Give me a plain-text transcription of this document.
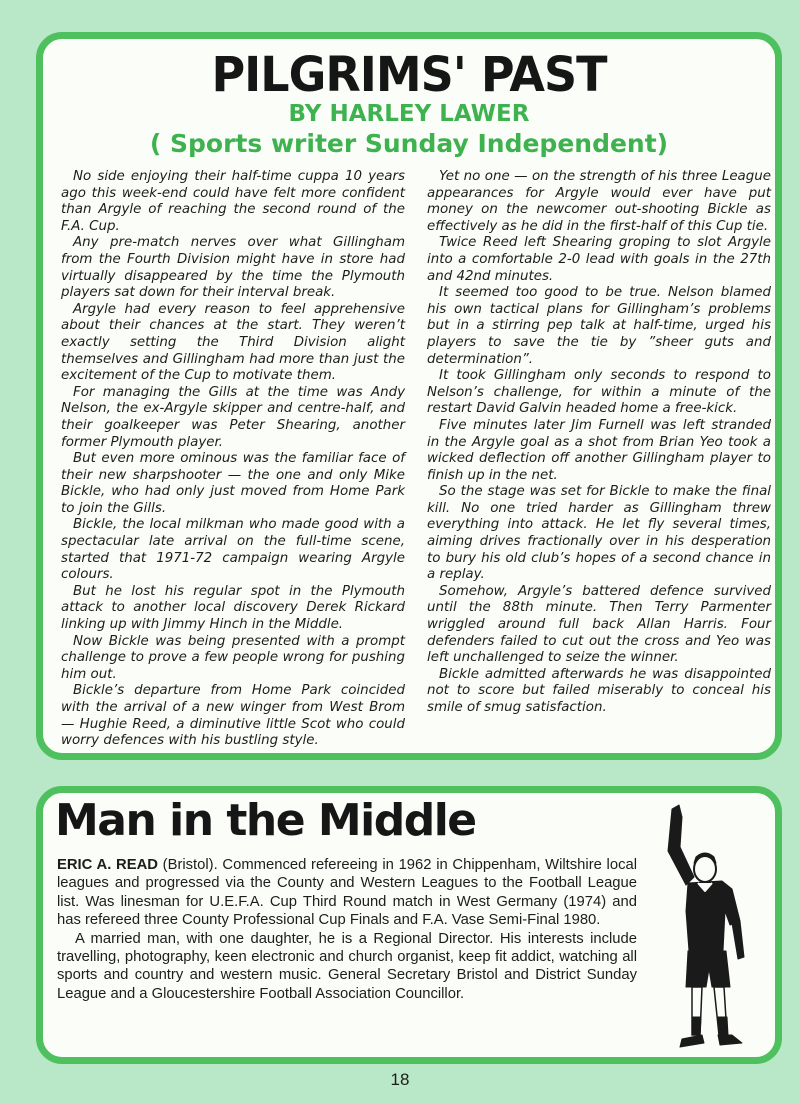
PILGRIMS' PAST
BY HARLEY LAWER
( Sports writer Sunday Independent)

No side enjoying their half-time cuppa 10 years ago this week-end could have felt more confident than Argyle of reaching the second round of the F.A. Cup.

Any pre-match nerves over what Gillingham from the Fourth Division might have in store had virtually disappeared by the time the Plymouth players sat down for their interval break.

Argyle had every reason to feel apprehensive about their chances at the start. They weren’t exactly setting the Third Division alight themselves and Gillingham had more than just the excitement of the Cup to motivate them.

For managing the Gills at the time was Andy Nelson, the ex-Argyle skipper and centre-half, and their goalkeeper was Peter Shearing, another former Plymouth player.

But even more ominous was the familiar face of their new sharpshooter — the one and only Mike Bickle, who had only just moved from Home Park to join the Gills.

Bickle, the local milkman who made good with a spectacular late arrival on the full-time scene, started that 1971-72 campaign wearing Argyle colours.

But he lost his regular spot in the Plymouth attack to another local discovery Derek Rickard linking up with Jimmy Hinch in the Middle.

Now Bickle was being presented with a prompt challenge to prove a few people wrong for pushing him out.

Bickle’s departure from Home Park coincided with the arrival of a new winger from West Brom — Hughie Reed, a diminutive little Scot who could worry defences with his bustling style.

Yet no one — on the strength of his three League appearances for Argyle would ever have put money on the newcomer out-shooting Bickle as effectively as he did in the first-half of this Cup tie.

Twice Reed left Shearing groping to slot Argyle into a comfortable 2-0 lead with goals in the 27th and 42nd minutes.

It seemed too good to be true. Nelson blamed his own tactical plans for Gillingham’s problems but in a stirring pep talk at half-time, urged his players to save the tie by ”sheer guts and determination”.

It took Gillingham only seconds to respond to Nelson’s challenge, for within a minute of the restart David Galvin headed home a free-kick.

Five minutes later Jim Furnell was left stranded in the Argyle goal as a shot from Brian Yeo took a wicked deflection off another Gillingham player to finish up in the net.

So the stage was set for Bickle to make the final kill. No one tried harder as Gillingham threw everything into attack. He let fly several times, aiming drives fractionally over in his desperation to bury his old club’s hopes of a second chance in a replay.

Somehow, Argyle’s battered defence survived until the 88th minute. Then Terry Parmenter wriggled around full back Allan Harris. Four defenders failed to cut out the cross and Yeo was left unchallenged to seize the winner.

Bickle admitted afterwards he was disappointed not to score but failed miserably to conceal his smile of smug satisfaction.

Man in the Middle

ERIC A. READ (Bristol). Commenced refereeing in 1962 in Chippenham, Wiltshire local leagues and progressed via the County and Western Leagues to the Football League list. Was linesman for U.E.F.A. Cup Third Round match in West Germany (1974) and has refereed three County Professional Cup Finals and F.A. Vase Semi-Final 1980.

A married man, with one daughter, he is a Regional Director. His interests include travelling, photography, keen electronic and church organist, keep fit addict, watching all sports and country and western music. General Secretary Bristol and District Sunday League and a Gloucestershire Football Association Councillor.

18
